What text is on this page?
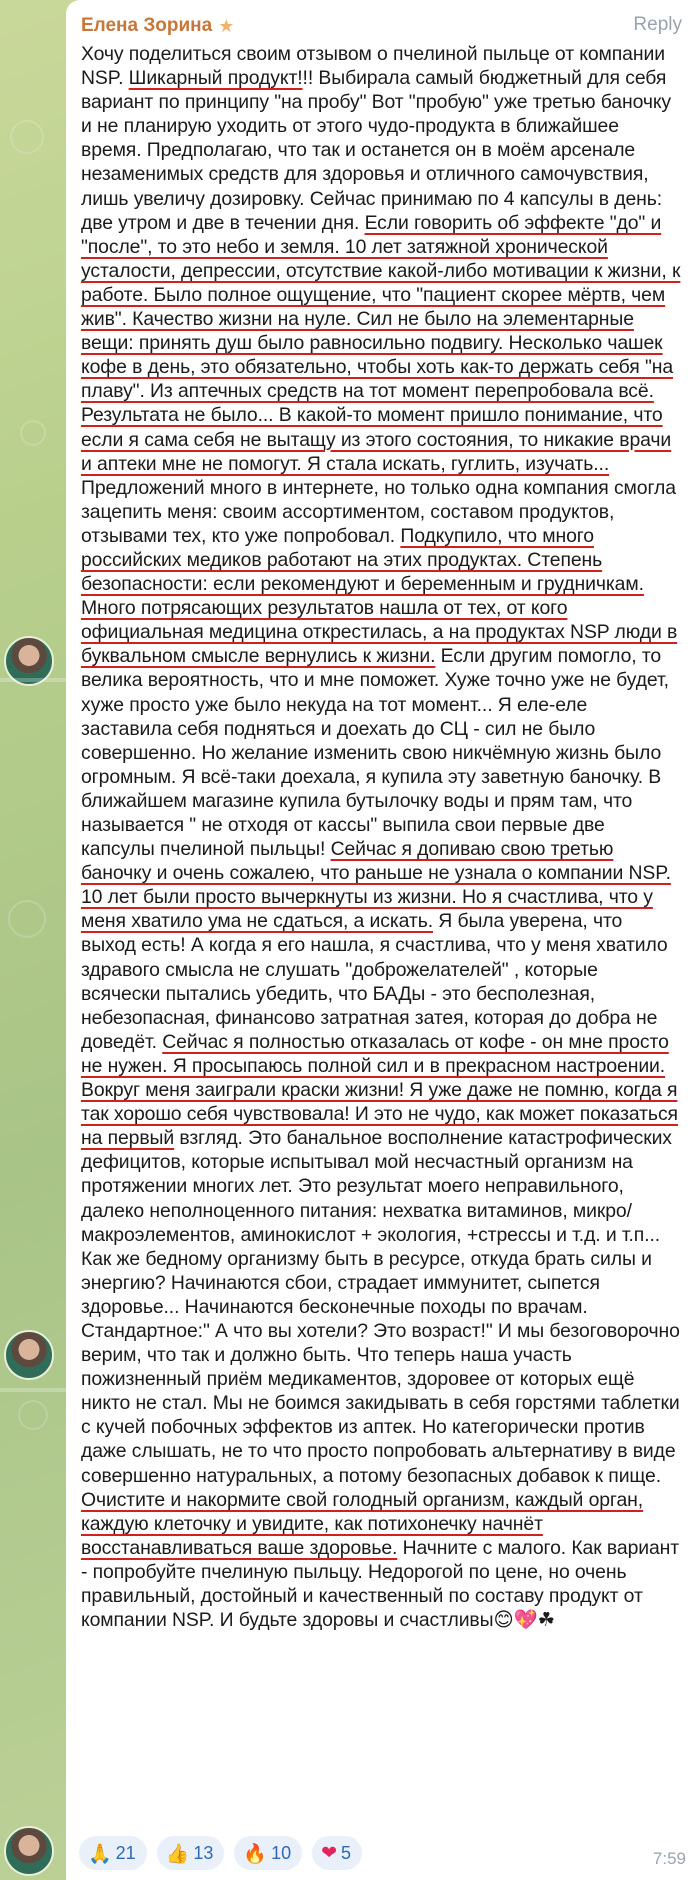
Елена Зорина ★	Reply

Хочу поделиться своим отзывом о пчелиной пыльце от компании NSP. Шикарный продукт!!! Выбирала самый бюджетный для себя вариант по принципу "на пробу" Вот "пробую" уже третью баночку и не планирую уходить от этого чудо-продукта в ближайшее время. Предполагаю, что так и останется он в моём арсенале незаменимых средств для здоровья и отличного самочувствия, лишь увеличу дозировку. Сейчас принимаю по 4 капсулы в день: две утром и две в течении дня. Если говорить об эффекте "до" и "после", то это небо и земля. 10 лет затяжной хронической усталости, депрессии, отсутствие какой-либо мотивации к жизни, к работе. Было полное ощущение, что "пациент скорее мёртв, чем жив". Качество жизни на нуле. Сил не было на элементарные вещи: принять душ было равносильно подвигу. Несколько чашек кофе в день, это обязательно, чтобы хоть как-то держать себя "на плаву". Из аптечных средств на тот момент перепробовала всё. Результата не было... В какой-то момент пришло понимание, что если я сама себя не вытащу из этого состояния, то никакие врачи и аптеки мне не помогут. Я стала искать, гуглить, изучать... Предложений много в интернете, но только одна компания смогла зацепить меня: своим ассортиментом, составом продуктов, отзывами тех, кто уже попробовал. Подкупило, что много российских медиков работают на этих продуктах. Степень безопасности: если рекомендуют и беременным и грудничкам. Много потрясающих результатов нашла от тех, от кого официальная медицина открестилась, а на продуктах NSP люди в буквальном смысле вернулись к жизни. Если другим помогло, то велика вероятность, что и мне поможет. Хуже точно уже не будет, хуже просто уже было некуда на тот момент... Я еле-еле заставила себя подняться и доехать до СЦ - сил не было совершенно. Но желание изменить свою никчёмную жизнь было огромным. Я всё-таки доехала, я купила эту заветную баночку. В ближайшем магазине купила бутылочку воды и прям там, что называется " не отходя от кассы" выпила свои первые две капсулы пчелиной пыльцы! Сейчас я допиваю свою третью баночку и очень сожалею, что раньше не узнала о компании NSP. 10 лет были просто вычеркнуты из жизни. Но я счастлива, что у меня хватило ума не сдаться, а искать. Я была уверена, что выход есть! А когда я его нашла, я счастлива, что у меня хватило здравого смысла не слушать "доброжелателей" , которые всячески пытались убедить, что БАДы - это бесполезная, небезопасная, финансово затратная затея, которая до добра не доведёт. Сейчас я полностью отказалась от кофе - он мне просто не нужен. Я просыпаюсь полной сил и в прекрасном настроении. Вокруг меня заиграли краски жизни! Я уже даже не помню, когда я так хорошо себя чувствовала! И это не чудо, как может показаться на первый взгляд. Это банальное восполнение катастрофических дефицитов, которые испытывал мой несчастный организм на протяжении многих лет. Это результат моего неправильного, далеко неполноценного питания: нехватка витаминов, микро/макроэлементов, аминокислот + экология, +стрессы и т.д. и т.п... Как же бедному организму быть в ресурсе, откуда брать силы и энергию? Начинаются сбои, страдает иммунитет, сыпется здоровье... Начинаются бесконечные походы по врачам. Стандартное:" А что вы хотели? Это возраст!" И мы безоговорочно верим, что так и должно быть. Что теперь наша участь пожизненный приём медикаментов, здоровее от которых ещё никто не стал. Мы не боимся закидывать в себя горстями таблетки с кучей побочных эффектов из аптек. Но категорически против даже слышать, не то что просто попробовать альтернативу в виде совершенно натуральных, а потому безопасных добавок к пище. Очистите и накормите свой голодный организм, каждый орган, каждую клеточку и увидите, как потихонечку начнёт восстанавливаться ваше здоровье. Начните с малого. Как вариант - попробуйте пчелиную пыльцу. Недорогой по цене, но очень правильный, достойный и качественный по составу продукт от компании NSP. И будьте здоровы и счастливы😊💖☘

🙏 21 👍 13 🔥 10 ❤ 5	7:59
